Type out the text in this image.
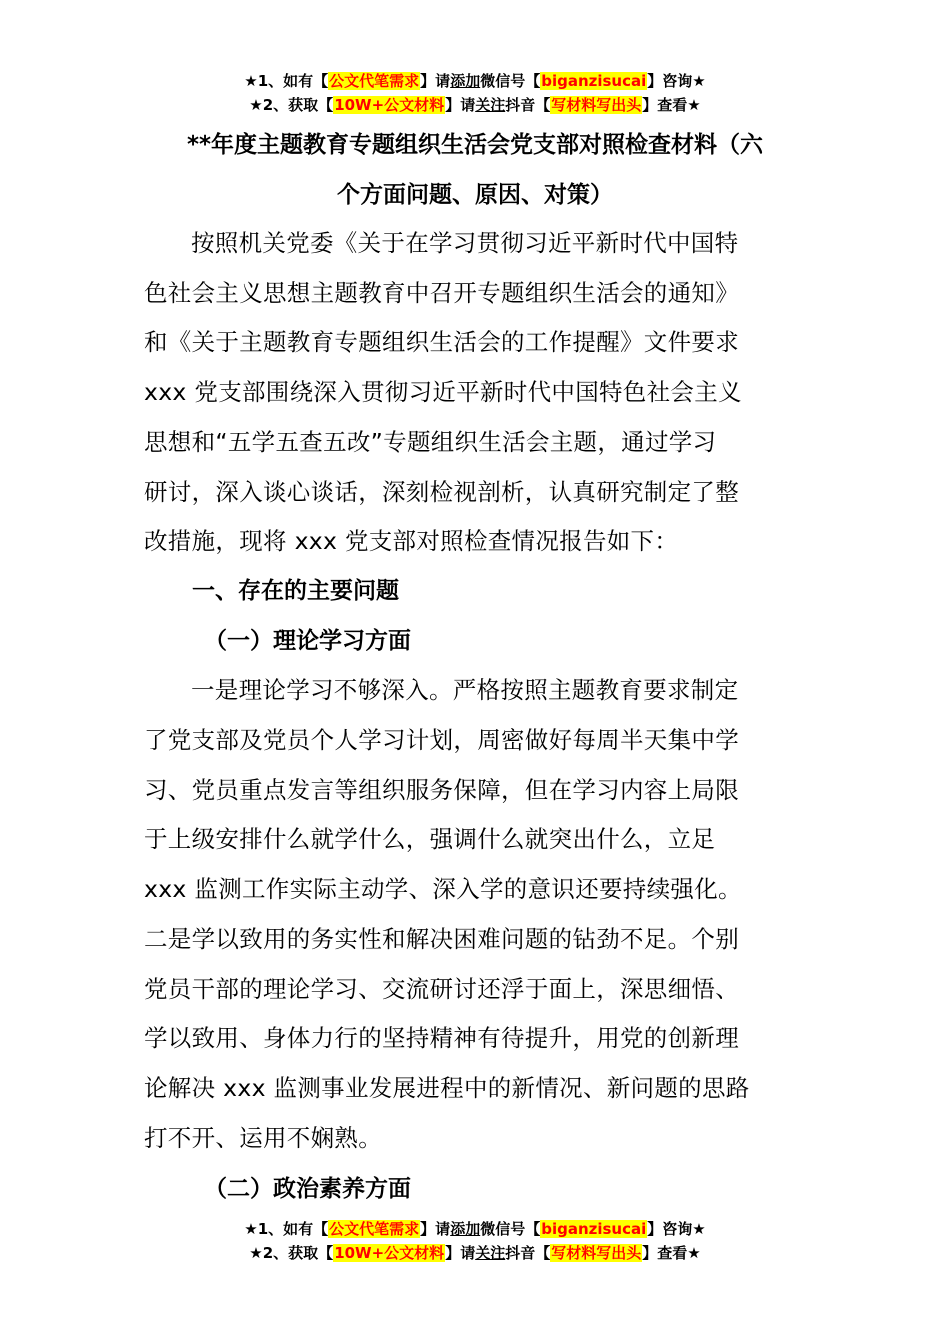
★1、如有【公文代笔需求】请添加微信号【biganzisucai】咨询★
★2、获取【10W+公文材料】请关注抖音【写材料写出头】查看★
**年度主题教育专题组织生活会党支部对照检查材料（六
个方面问题、原因、对策）

按照机关党委《关于在学习贯彻习近平新时代中国特

色社会主义思想主题教育中召开专题组织生活会的通知》

和《关于主题教育专题组织生活会的工作提醒》文件要求

xxx 党支部围绕深入贯彻习近平新时代中国特色社会主义

思想和“五学五查五改”专题组织生活会主题，通过学习

研讨，深入谈心谈话，深刻检视剖析，认真研究制定了整

改措施，现将 xxx 党支部对照检查情况报告如下：

一、存在的主要问题

（一）理论学习方面

一是理论学习不够深入。严格按照主题教育要求制定

了党支部及党员个人学习计划，周密做好每周半天集中学

习、党员重点发言等组织服务保障，但在学习内容上局限

于上级安排什么就学什么，强调什么就突出什么，立足

xxx 监测工作实际主动学、深入学的意识还要持续强化。

二是学以致用的务实性和解决困难问题的钻劲不足。个别

党员干部的理论学习、交流研讨还浮于面上，深思细悟、

学以致用、身体力行的坚持精神有待提升，用党的创新理

论解决 xxx 监测事业发展进程中的新情况、新问题的思路

打不开、运用不娴熟。

（二）政治素养方面
★1、如有【公文代笔需求】请添加微信号【biganzisucai】咨询★
★2、获取【10W+公文材料】请关注抖音【写材料写出头】查看★
